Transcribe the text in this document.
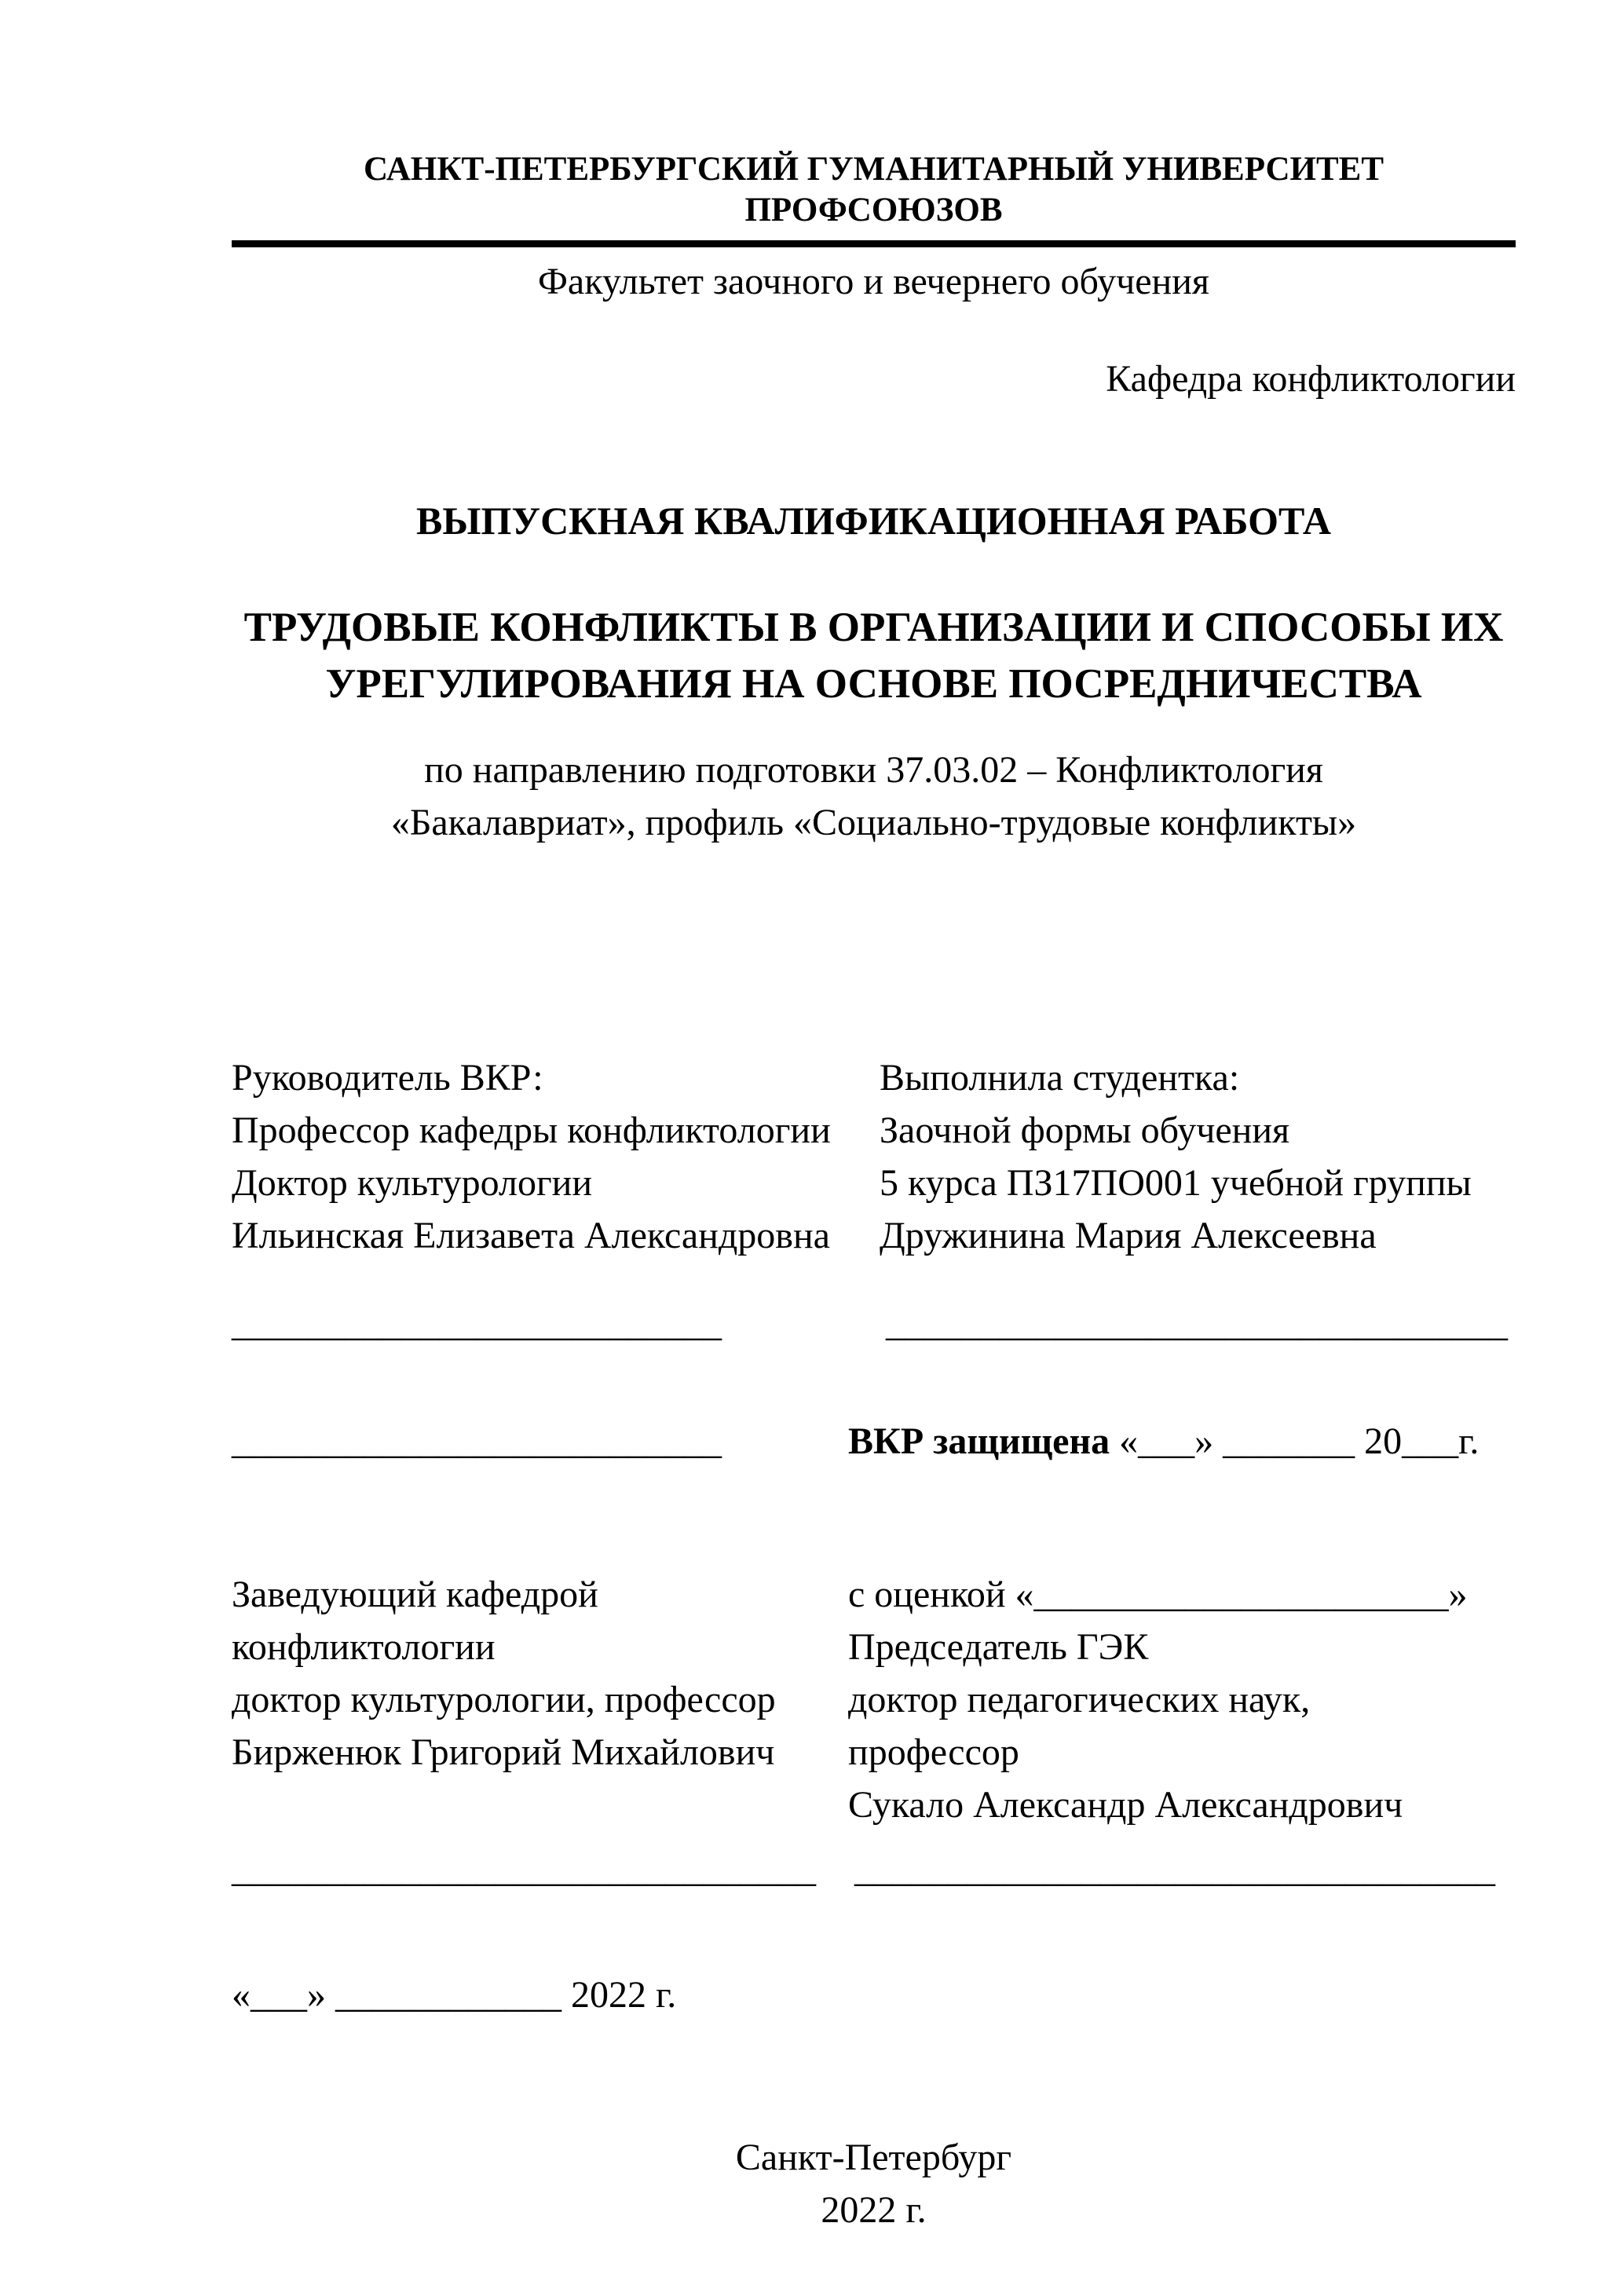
САНКТ-ПЕТЕРБУРГСКИЙ ГУМАНИТАРНЫЙ УНИВЕРСИТЕТ ПРОФСОЮЗОВ
Факультет заочного и вечернего обучения
Кафедра конфликтологии
ВЫПУСКНАЯ КВАЛИФИКАЦИОННАЯ РАБОТА
ТРУДОВЫЕ КОНФЛИКТЫ В ОРГАНИЗАЦИИ И СПОСОБЫ ИХ УРЕГУЛИРОВАНИЯ НА ОСНОВЕ ПОСРЕДНИЧЕСТВА
по направлению подготовки 37.03.02 – Конфликтология
«Бакалавриат», профиль «Социально-трудовые конфликты»
Руководитель ВКР:
Профессор кафедры конфликтологии
Доктор культурологии
Ильинская Елизавета Александровна
Выполнила студентка:
Заочной формы обучения
5 курса ПЗ17ПО001 учебной группы
Дружинина Мария Алексеевна
__________________________	_________________________________
__________________________	ВКР защищена «___» _______ 20___г.
Заведующий кафедрой
конфликтологии
доктор культурологии, профессор
Бирженюк Григорий Михайлович
с оценкой «______________________»
Председатель ГЭК
доктор педагогических наук,
профессор
Сукало Александр Александрович
_______________________________	__________________________________
«___» ____________ 2022 г.
Санкт-Петербург
2022 г.
